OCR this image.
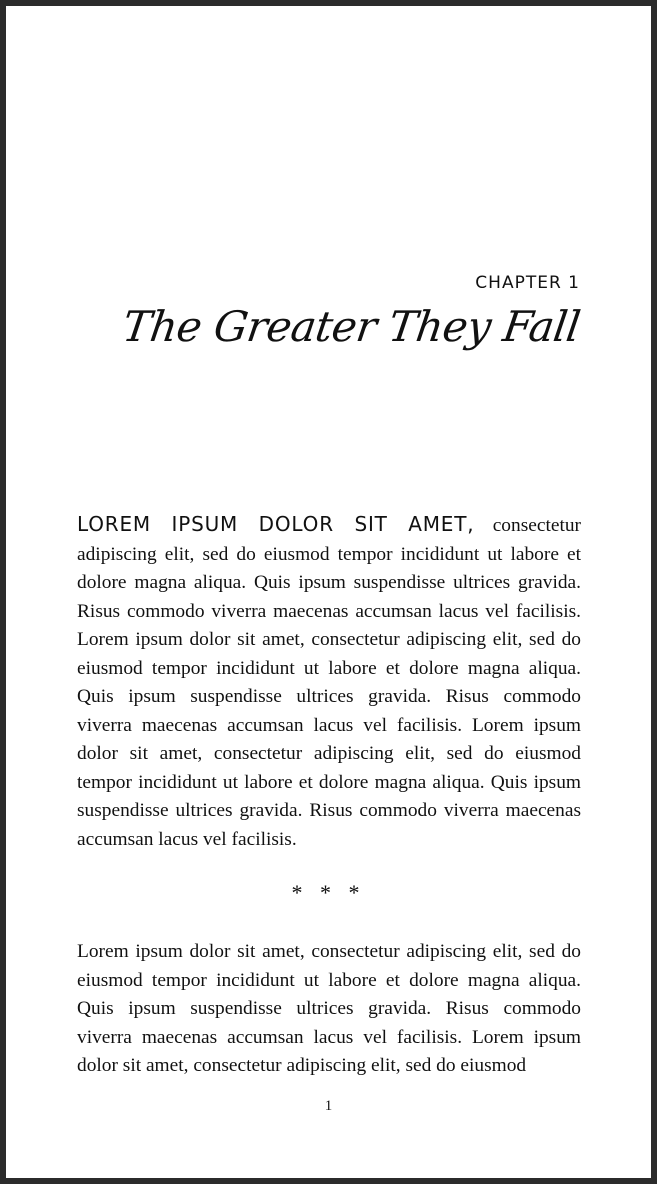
CHAPTER 1
The Greater They Fall

LOREM IPSUM DOLOR SIT AMET, consectetur adipiscing elit, sed do eiusmod tempor incididunt ut labore et dolore magna aliqua. Quis ipsum suspendisse ultrices gravida. Risus commodo viverra maecenas accumsan lacus vel facilisis. Lorem ipsum dolor sit amet, consectetur adipiscing elit, sed do eiusmod tempor incididunt ut labore et dolore magna aliqua. Quis ipsum suspendisse ultrices gravida. Risus commodo viverra maecenas accumsan lacus vel facilisis. Lorem ipsum dolor sit amet, consectetur adipiscing elit, sed do eiusmod tempor incididunt ut labore et dolore magna aliqua. Quis ipsum suspendisse ultrices gravida. Risus commodo viverra maecenas accumsan lacus vel facilisis.

* * *

Lorem ipsum dolor sit amet, consectetur adipiscing elit, sed do eiusmod tempor incididunt ut labore et dolore magna aliqua. Quis ipsum suspendisse ultrices gravida. Risus commodo viverra maecenas accumsan lacus vel facilisis. Lorem ipsum dolor sit amet, consectetur adipiscing elit, sed do eiusmod

1
